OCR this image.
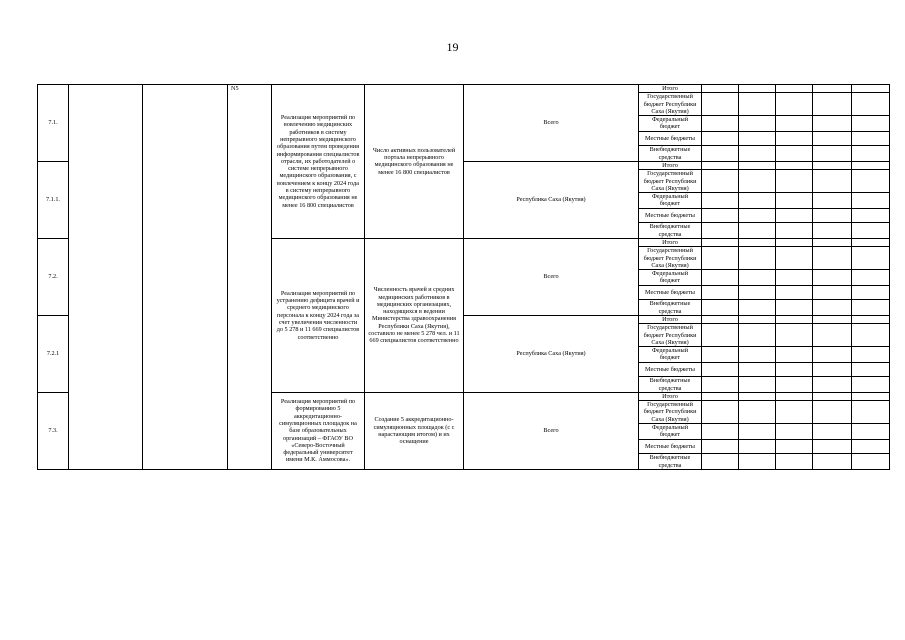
19
7.1.			N5	Реализация мероприятий по вовлечению медицинских работников в систему непрерывного медицинского образования путем проведения информирования специалистов отрасли, их работодателей о системе непрерывного медицинского образования, с вовлечением к концу 2024 года в систему непрерывного медицинского образования не менее 16 800 специалистов	Число активных пользователей портала непрерывного медицинского образования не менее 16 800 специалистов	Всего	Итого					

							Государственный бюджет Республики Саха (Якутия)					

							Федеральный бюджет					

							Местные бюджеты					

							Внебюджетные средства					

7.1.1.						Республика Саха (Якутия)	Итого					

							Государственный бюджет Республики Саха (Якутия)					

							Федеральный бюджет					

							Местные бюджеты					

							Внебюджетные средства					

7.2.				Реализация мероприятий по устранению дефицита врачей и среднего медицинского персонала к концу 2024 года за счет увеличения численности до 5 278 и 11 669 специалистов соответственно	Численность врачей и средних медицинских работников в медицинских организациях, находящихся в ведении Министерства здравоохранения Республики Саха (Якутия), составило не менее 5 278 чел. и 11 669 специалистов соответственно	Всего	Итого					

							Государственный бюджет Республики Саха (Якутия)					

							Федеральный бюджет					

							Местные бюджеты					

							Внебюджетные средства					

7.2.1						Республика Саха (Якутия)	Итого					

							Государственный бюджет Республики Саха (Якутия)					

							Федеральный бюджет					

							Местные бюджеты					

							Внебюджетные средства					

7.3.				Реализация мероприятий по формированию 5 аккредитационно-симуляционных площадок на базе образовательных организаций – ФГАОУ ВО «Северо-Восточный федеральный университет имени М.К. Аммосова».	Создание 5 аккредитационно-симуляционных площадок (с с нарастающим итогом) и их оснащение	Всего	Итого					

							Государственный бюджет Республики Саха (Якутия)					

							Федеральный бюджет					

							Местные бюджеты					

							Внебюджетные средства					
